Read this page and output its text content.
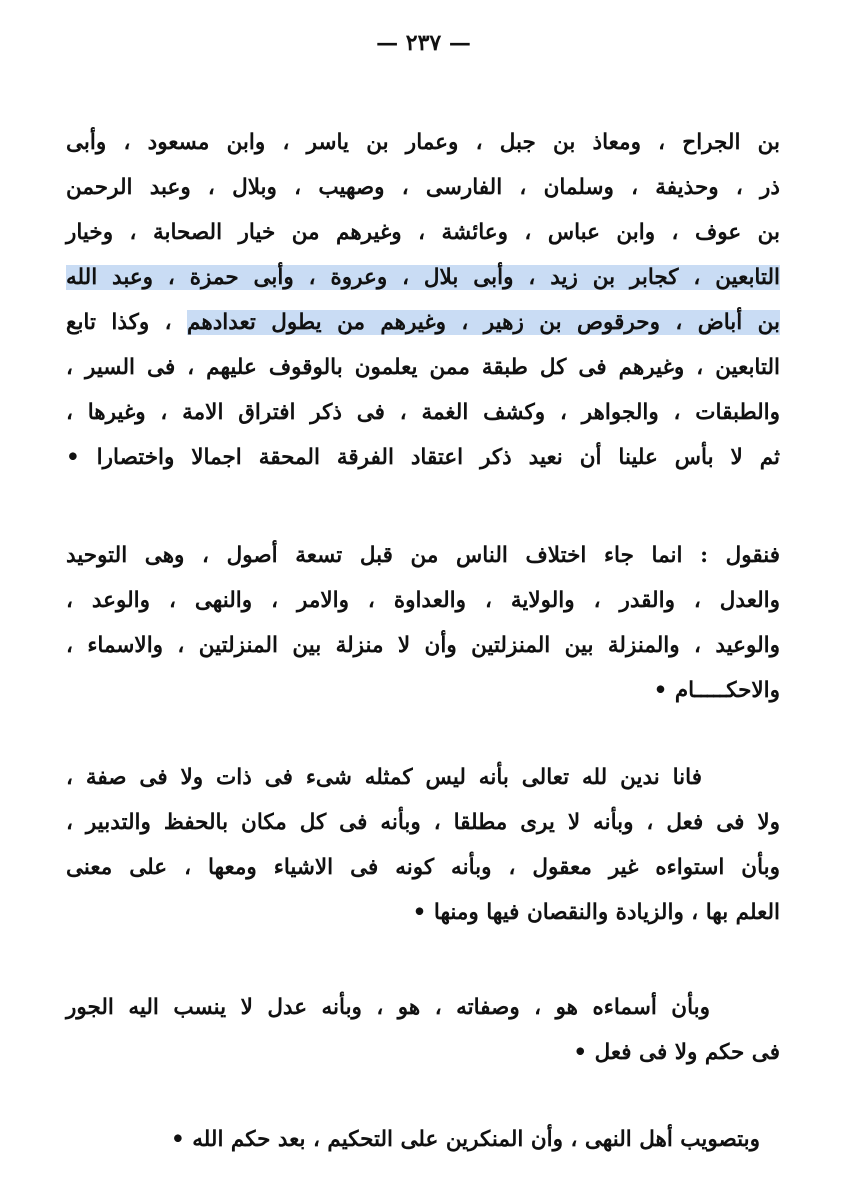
— ٢٣٧ —
بن الجراح ، ومعاذ بن جبل ، وعمار بن ياسر ، وابن مسعود ، وأبى
ذر ، وحذيفة ، وسلمان ، الفارسى ، وصهيب ، وبلال ، وعبد الرحمن
بن عوف ، وابن عباس ، وعائشة ، وغيرهم من خيار الصحابة ، وخيار
التابعين ، كجابر بن زيد ، وأبى بلال ، وعروة ، وأبى حمزة ، وعبد الله
بن أباض ، وحرقوص بن زهير ، وغيرهم من يطول تعدادهم ، وكذا تابع
التابعين ، وغيرهم فى كل طبقة ممن يعلمون بالوقوف عليهم ، فى السير ،
والطبقات ، والجواهر ، وكشف الغمة ، فى ذكر افتراق الامة ، وغيرها ،
ثم لا بأس علينا أن نعيد ذكر اعتقاد الفرقة المحقة اجمالا واختصارا •
فنقول : انما جاء اختلاف الناس من قبل تسعة أصول ، وهى التوحيد
والعدل ، والقدر ، والولاية ، والعداوة ، والامر ، والنهى ، والوعد ،
والوعيد ، والمنزلة بين المنزلتين وأن لا منزلة بين المنزلتين ، والاسماء ،
والاحكـــــام •
فانا ندين لله تعالى بأنه ليس كمثله شىء فى ذات ولا فى صفة ،
ولا فى فعل ، وبأنه لا يرى مطلقا ، وبأنه فى كل مكان بالحفظ والتدبير ،
وبأن استواءه غير معقول ، وبأنه كونه فى الاشياء ومعها ، على معنى
العلم بها ، والزيادة والنقصان فيها ومنها •
وبأن أسماءه هو ، وصفاته ، هو ، وبأنه عدل لا ينسب اليه الجور
فى حكم ولا فى فعل •
وبتصويب أهل النهى ، وأن المنكرين على التحكيم ، بعد حكم الله •
